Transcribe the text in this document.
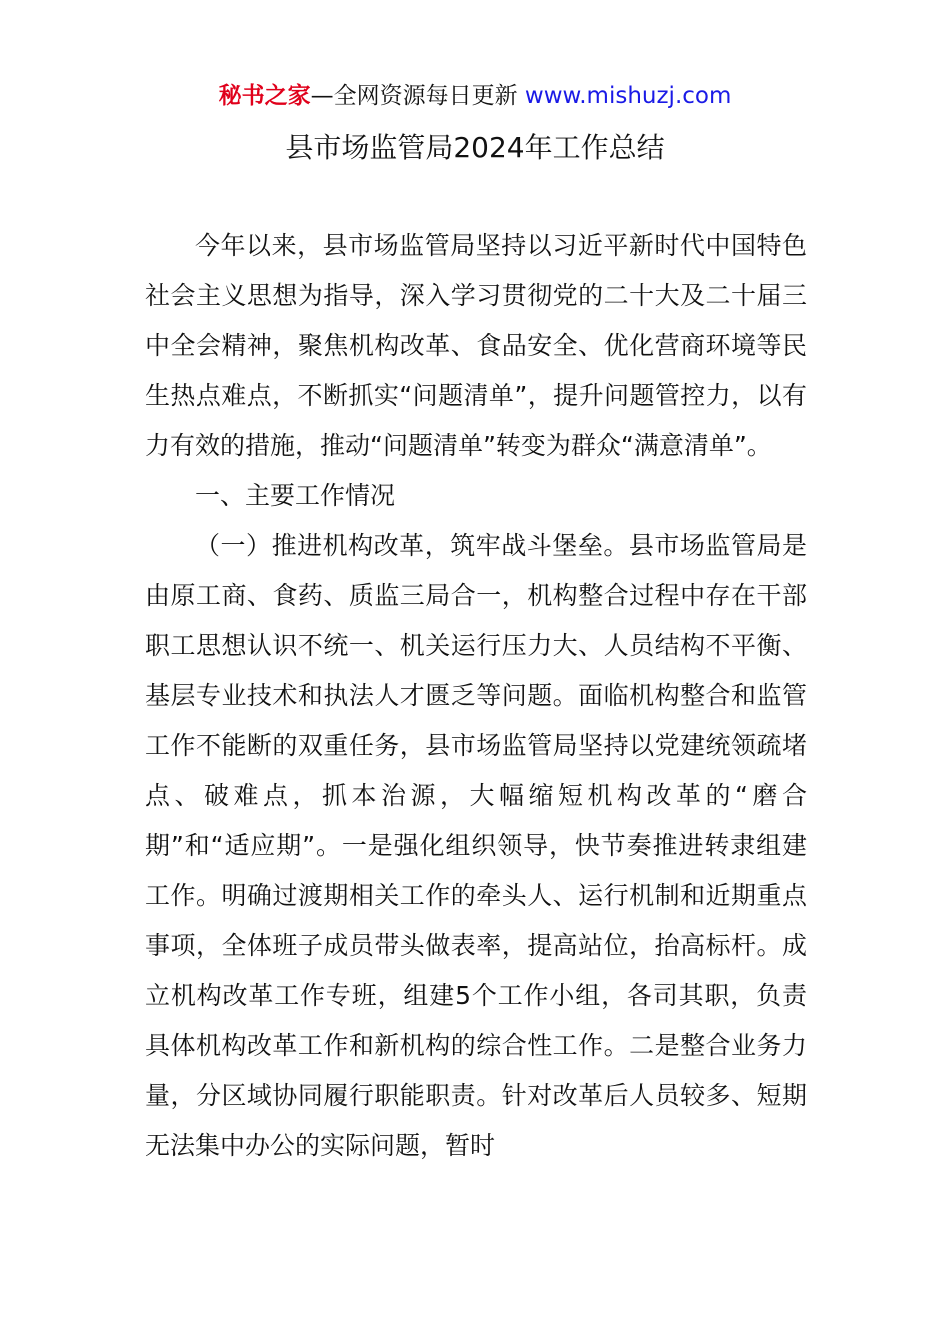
秘书之家—全网资源每日更新 www.mishuzj.com
县市场监管局2024年工作总结

今年以来，县市场监管局坚持以习近平新时代中国特色社会主义思想为指导，深入学习贯彻党的二十大及二十届三中全会精神，聚焦机构改革、食品安全、优化营商环境等民生热点难点，不断抓实“问题清单”，提升问题管控力，以有力有效的措施，推动“问题清单”转变为群众“满意清单”。

一、主要工作情况

（一）推进机构改革，筑牢战斗堡垒。县市场监管局是由原工商、食药、质监三局合一，机构整合过程中存在干部职工思想认识不统一、机关运行压力大、人员结构不平衡、基层专业技术和执法人才匮乏等问题。面临机构整合和监管工作不能断的双重任务，县市场监管局坚持以党建统领疏堵点、破难点，抓本治源，大幅缩短机构改革的“磨合期”和“适应期”。一是强化组织领导，快节奏推进转隶组建工作。明确过渡期相关工作的牵头人、运行机制和近期重点事项，全体班子成员带头做表率，提高站位，抬高标杆。成立机构改革工作专班，组建5个工作小组，各司其职，负责具体机构改革工作和新机构的综合性工作。二是整合业务力量，分区域协同履行职能职责。针对改革后人员较多、短期无法集中办公的实际问题，暂时
